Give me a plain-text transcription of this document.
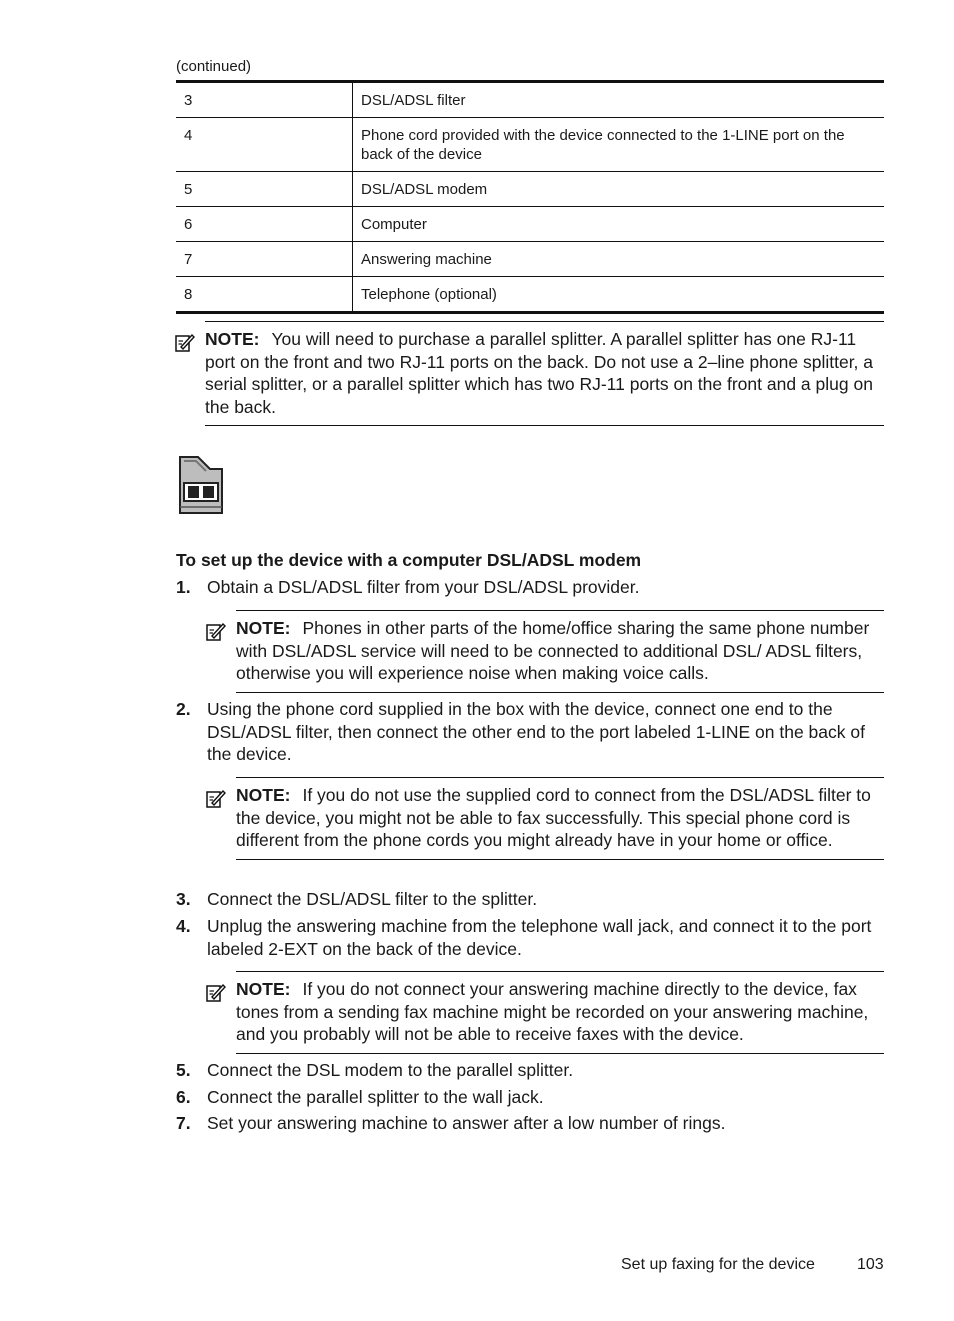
(continued)
3	DSL/ADSL filter
4	Phone cord provided with the device connected to the 1-LINE port on the back of the device
5	DSL/ADSL modem
6	Computer
7	Answering machine
8	Telephone (optional)
NOTE: You will need to purchase a parallel splitter. A parallel splitter has one RJ-11 port on the front and two RJ-11 ports on the back. Do not use a 2–line phone splitter, a serial splitter, or a parallel splitter which has two RJ-11 ports on the front and a plug on the back.
To set up the device with a computer DSL/ADSL modem
1. Obtain a DSL/ADSL filter from your DSL/ADSL provider.
NOTE: Phones in other parts of the home/office sharing the same phone number with DSL/ADSL service will need to be connected to additional DSL/ ADSL filters, otherwise you will experience noise when making voice calls.
2. Using the phone cord supplied in the box with the device, connect one end to the DSL/ADSL filter, then connect the other end to the port labeled 1-LINE on the back of the device.
NOTE: If you do not use the supplied cord to connect from the DSL/ADSL filter to the device, you might not be able to fax successfully. This special phone cord is different from the phone cords you might already have in your home or office.
3. Connect the DSL/ADSL filter to the splitter.
4. Unplug the answering machine from the telephone wall jack, and connect it to the port labeled 2-EXT on the back of the device.
NOTE: If you do not connect your answering machine directly to the device, fax tones from a sending fax machine might be recorded on your answering machine, and you probably will not be able to receive faxes with the device.
5. Connect the DSL modem to the parallel splitter.
6. Connect the parallel splitter to the wall jack.
7. Set your answering machine to answer after a low number of rings.
Set up faxing for the device	103
